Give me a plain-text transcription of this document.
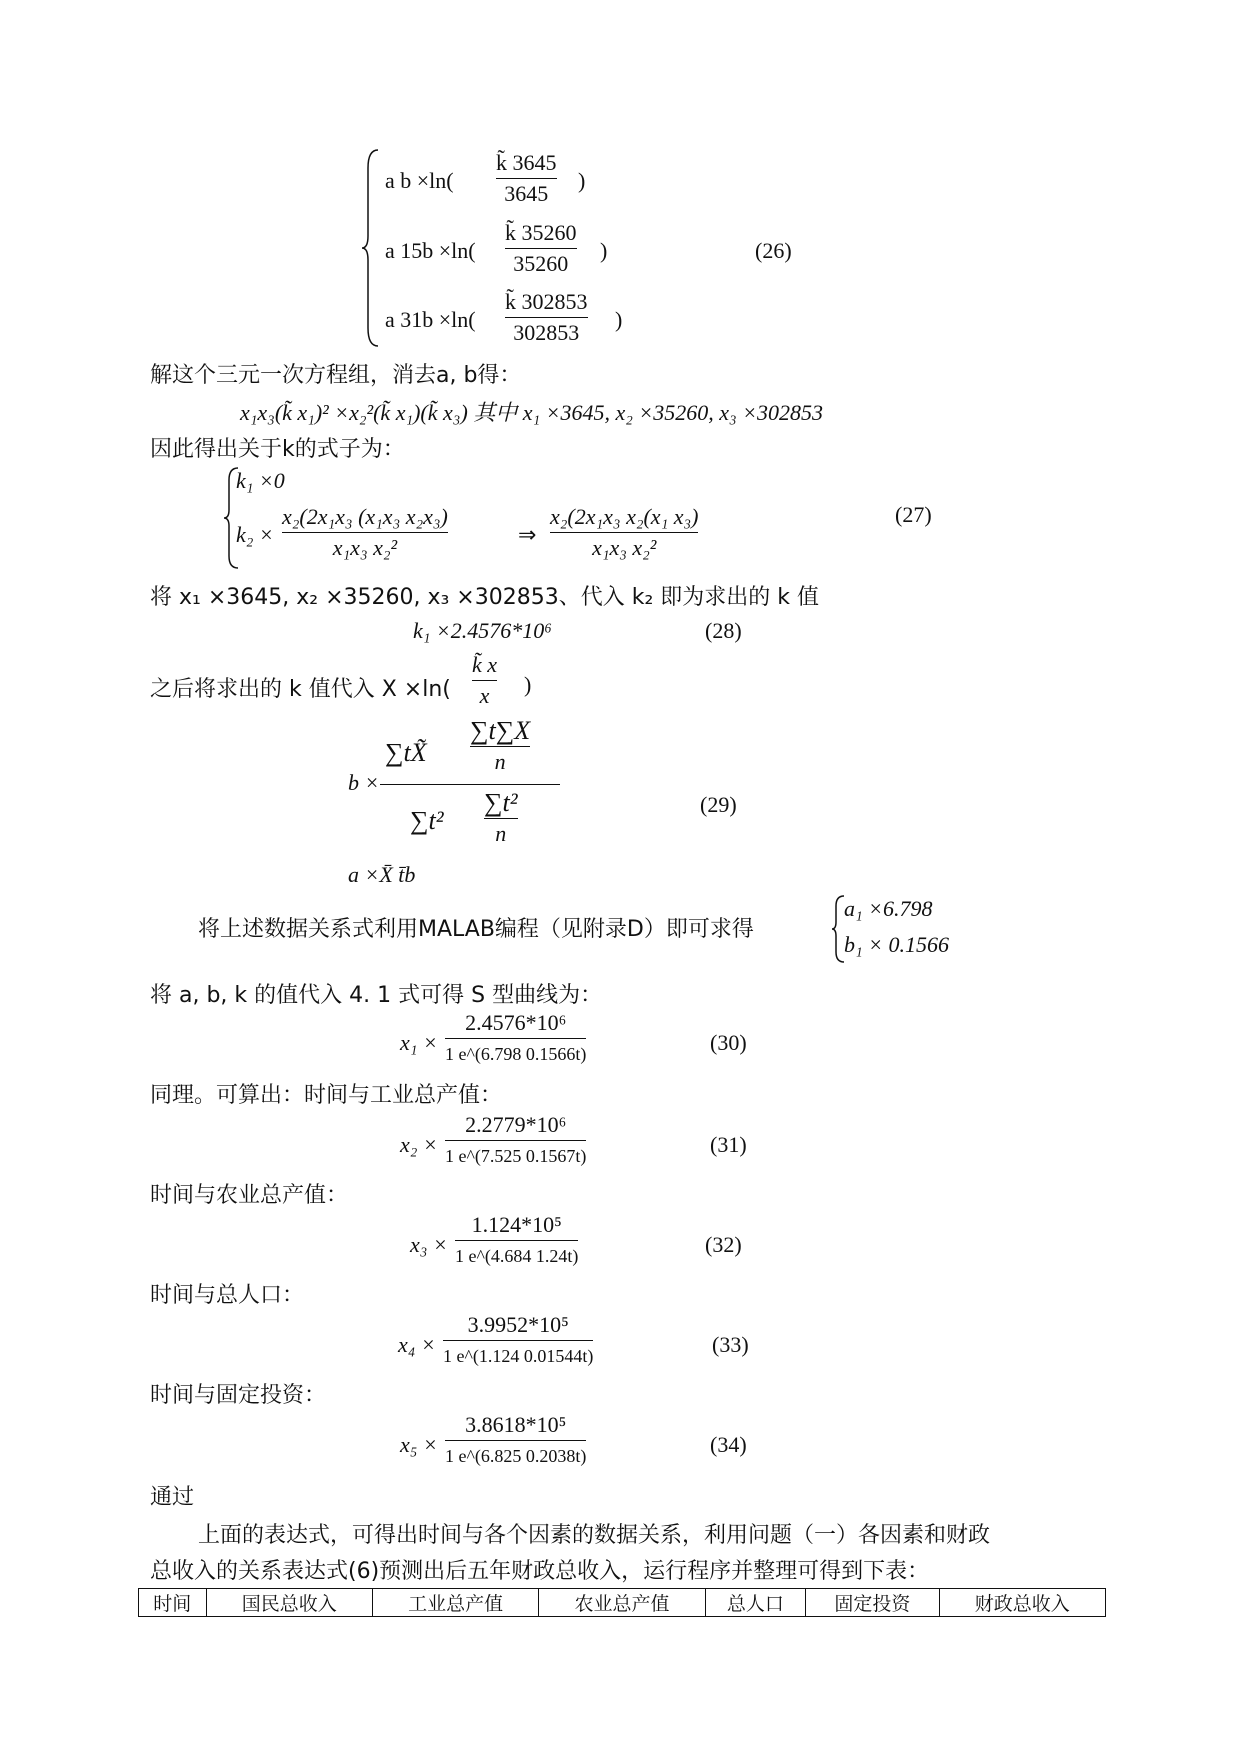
a b ×ln(
k̃ 3645
3645
)
a 15b ×ln(
k̃ 35260
35260
)
a 31b ×ln(
k̃ 302853
302853
)
(26)
解这个三元一次方程组，消去a, b得：
x₁x₃(k̃ x₁)² ×x₂²(k̃ x₁)(k̃ x₃) 其中 x₁ ×3645, x₂ ×35260, x₃ ×302853
因此得出关于k的式子为：
k₁ ×0
k₂ ×
x₂(2x₁x₃ (x₁x₃ x₂x₃)
x₁x₃ x₂²
⇒
x₂(2x₁x₃ x₂(x₁ x₃)
x₁x₃ x₂²
(27)
将 x₁ ×3645, x₂ ×35260, x₃ ×302853、代入 k₂ 即为求出的 k 值
k₁ ×2.4576*10⁶	(28)
之后将求出的 k 值代入 X ×ln(
k̃ x
x )
b ×
∑tX̃
∑t∑X
n
∑t²
∑t²
n
a ×X̄ t̄b
(29)
将上述数据关系式利用MALAB编程（见附录D）即可求得
a₁ ×6.798
b₁ × 0.1566
将 a, b, k 的值代入 4. 1 式可得 S 型曲线为：
x₁ ×
2.4576*10⁶
1 e^(6.798 0.1566t)	(30)
同理。可算出：时间与工业总产值：
x₂ ×
2.2779*10⁶
1 e^(7.525 0.1567t)	(31)
时间与农业总产值：
x₃ ×
1.124*10⁵
1 e^(4.684 1.24t)	(32)
时间与总人口：
x₄ ×
3.9952*10⁵
1 e^(1.124 0.01544t)	(33)
时间与固定投资：
x₅ ×
3.8618*10⁵
1 e^(6.825 0.2038t)	(34)
通过
上面的表达式，可得出时间与各个因素的数据关系，利用问题（一）各因素和财政
总收入的关系表达式(6)预测出后五年财政总收入，运行程序并整理可得到下表：
时间	国民总收入	工业总产值	农业总产值	总人口	固定投资	财政总收入
